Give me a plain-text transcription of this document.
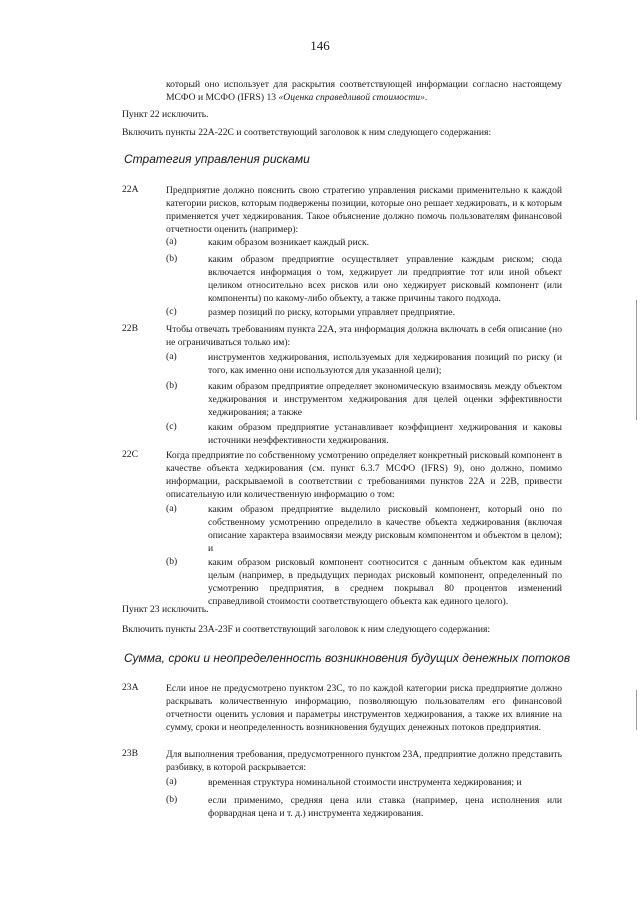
146
который оно использует для раскрытия соответствующей информации согласно настоящему МСФО и МСФО (IFRS) 13 «Оценка справедливой стоимости».
Пункт 22 исключить.
Включить пункты 22А-22С и соответствующий заголовок к ним следующего содержания:
Стратегия управления рисками
22А	Предприятие должно пояснить свою стратегию управления рисками применительно к каждой категории рисков, которым подвержены позиции, которые оно решает хеджировать, и к которым применяется учет хеджирования. Такое объяснение должно помочь пользователям финансовой отчетности оценить (например):
(a)	каким образом возникает каждый риск.
(b)	каким образом предприятие осуществляет управление каждым риском; сюда включается информация о том, хеджирует ли предприятие тот или иной объект целиком относительно всех рисков или оно хеджирует рисковый компонент (или компоненты) по какому-либо объекту, а также причины такого подхода.
(c)	размер позиций по риску, которыми управляет предприятие.
22В	Чтобы отвечать требованиям пункта 22А, эта информация должна включать в себя описание (но не ограничиваться только им):
(a)	инструментов хеджирования, используемых для хеджирования позиций по риску (и того, как именно они используются для указанной цели);
(b)	каким образом предприятие определяет экономическую взаимосвязь между объектом хеджирования и инструментом хеджирования для целей оценки эффективности хеджирования; а также
(c)	каким образом предприятие устанавливает коэффициент хеджирования и каковы источники неэффективности хеджирования.
22С	Когда предприятие по собственному усмотрению определяет конкретный рисковый компонент в качестве объекта хеджирования (см. пункт 6.3.7 МСФО (IFRS) 9), оно должно, помимо информации, раскрываемой в соответствии с требованиями пунктов 22А и 22В, привести описательную или количественную информацию о том:
(a)	каким образом предприятие выделило рисковый компонент, который оно по собственному усмотрению определило в качестве объекта хеджирования (включая описание характера взаимосвязи между рисковым компонентом и объектом в целом); и
(b)	каким образом рисковый компонент соотносится с данным объектом как единым целым (например, в предыдущих периодах рисковый компонент, определенный по усмотрению предприятия, в среднем покрывал 80 процентов изменений справедливой стоимости соответствующего объекта как единого целого).
Пункт 23 исключить.
Включить пункты 23А-23F и соответствующий заголовок к ним следующего содержания:
Сумма, сроки и неопределенность возникновения будущих денежных потоков
23А	Если иное не предусмотрено пунктом 23С, то по каждой категории риска предприятие должно раскрывать количественную информацию, позволяющую пользователям его финансовой отчетности оценить условия и параметры инструментов хеджирования, а также их влияние на сумму, сроки и неопределенность возникновения будущих денежных потоков предприятия.
23В	Для выполнения требования, предусмотренного пунктом 23А, предприятие должно представить разбивку, в которой раскрывается:
(a)	временная структура номинальной стоимости инструмента хеджирования; и
(b)	если применимо, средняя цена или ставка (например, цена исполнения или форвардная цена и т. д.) инструмента хеджирования.
